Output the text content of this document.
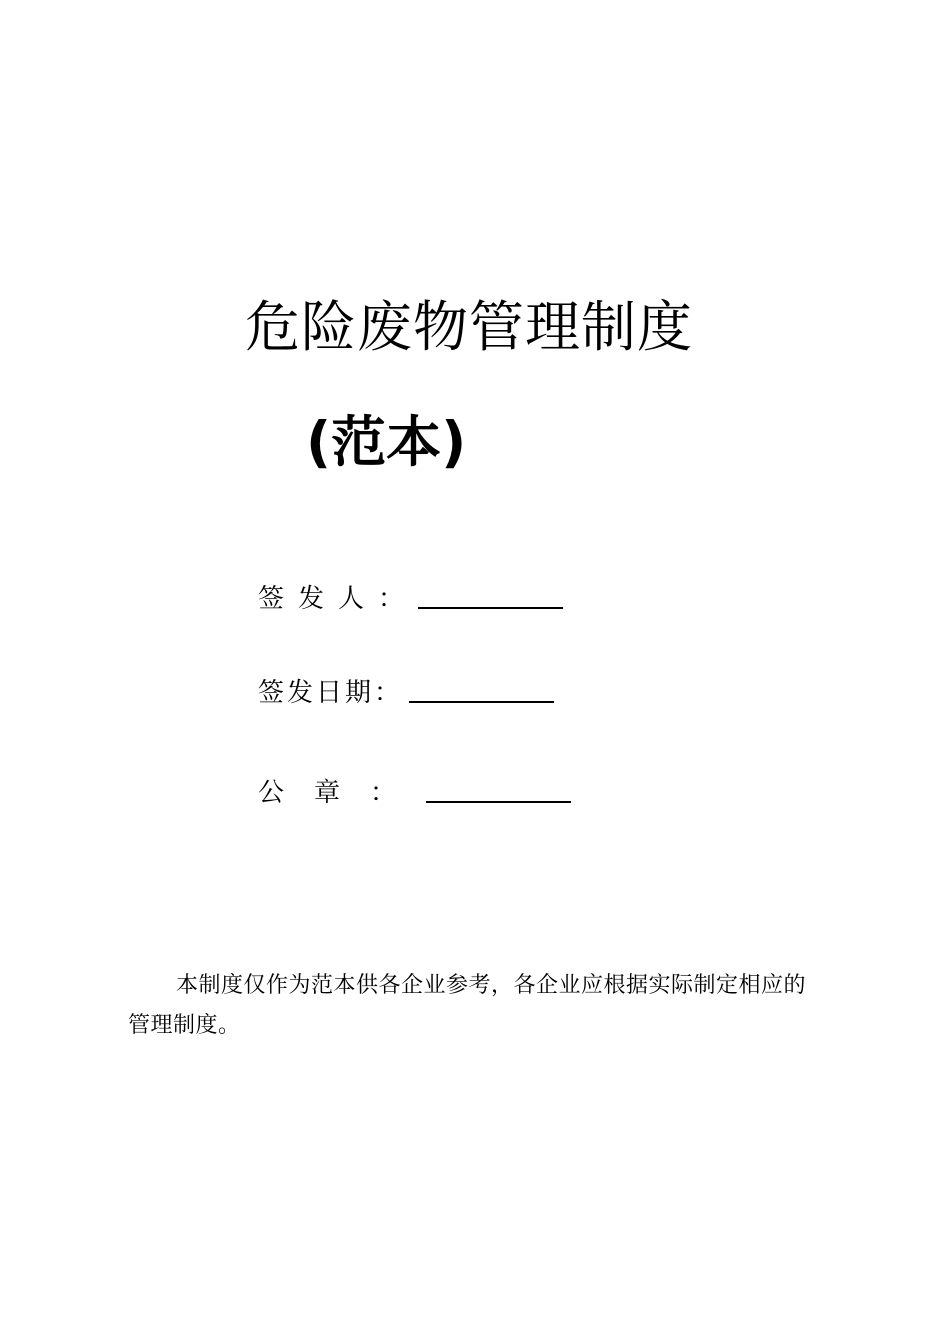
危险废物管理制度
(范本)
签发人：
签发日期：
公章：
本制度仅作为范本供各企业参考，各企业应根据实际制定相应的管理制度。
